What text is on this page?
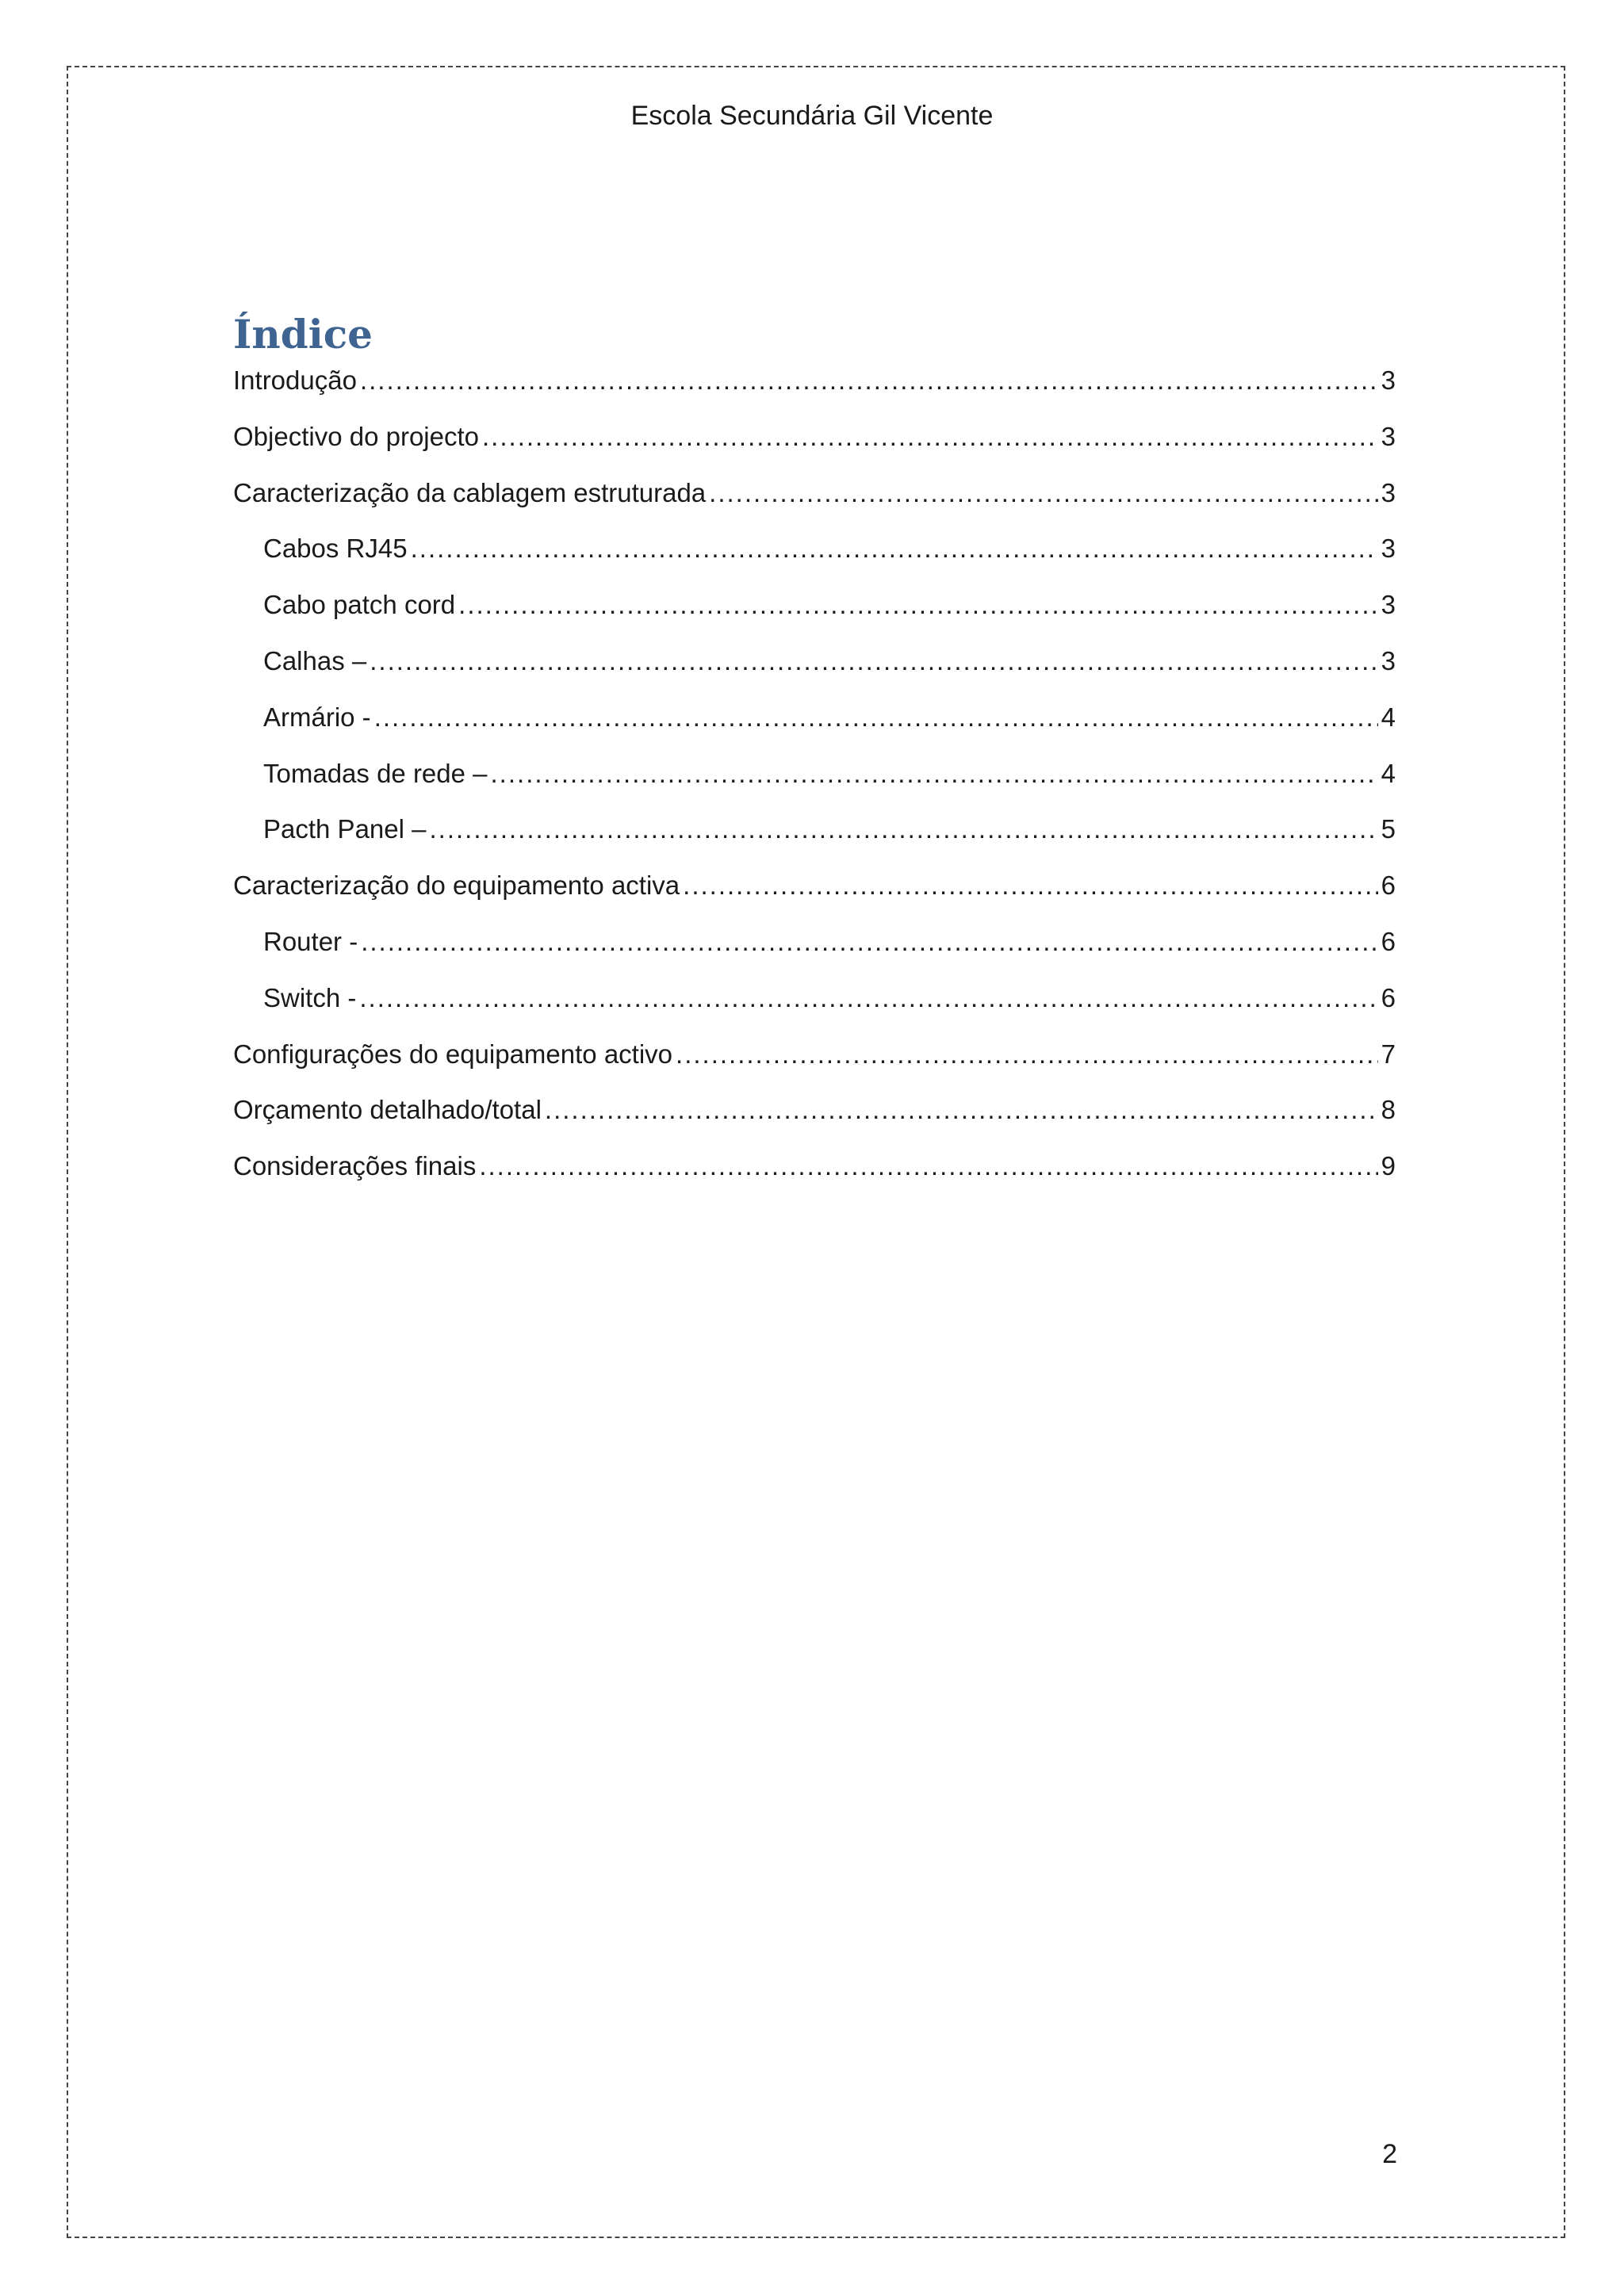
Escola Secundária Gil Vicente
Índice
Introdução .....	3
Objectivo do projecto .....	3
Caracterização da cablagem estruturada .....	3
Cabos RJ45 .....	3
Cabo patch cord .....	3
Calhas – .....	3
Armário - .....	4
Tomadas de rede – .....	4
Pacth Panel – .....	5
Caracterização do equipamento activa .....	6
Router - .....	6
Switch - .....	6
Configurações do equipamento activo .....	7
Orçamento detalhado/total .....	8
Considerações finais .....	9
2
